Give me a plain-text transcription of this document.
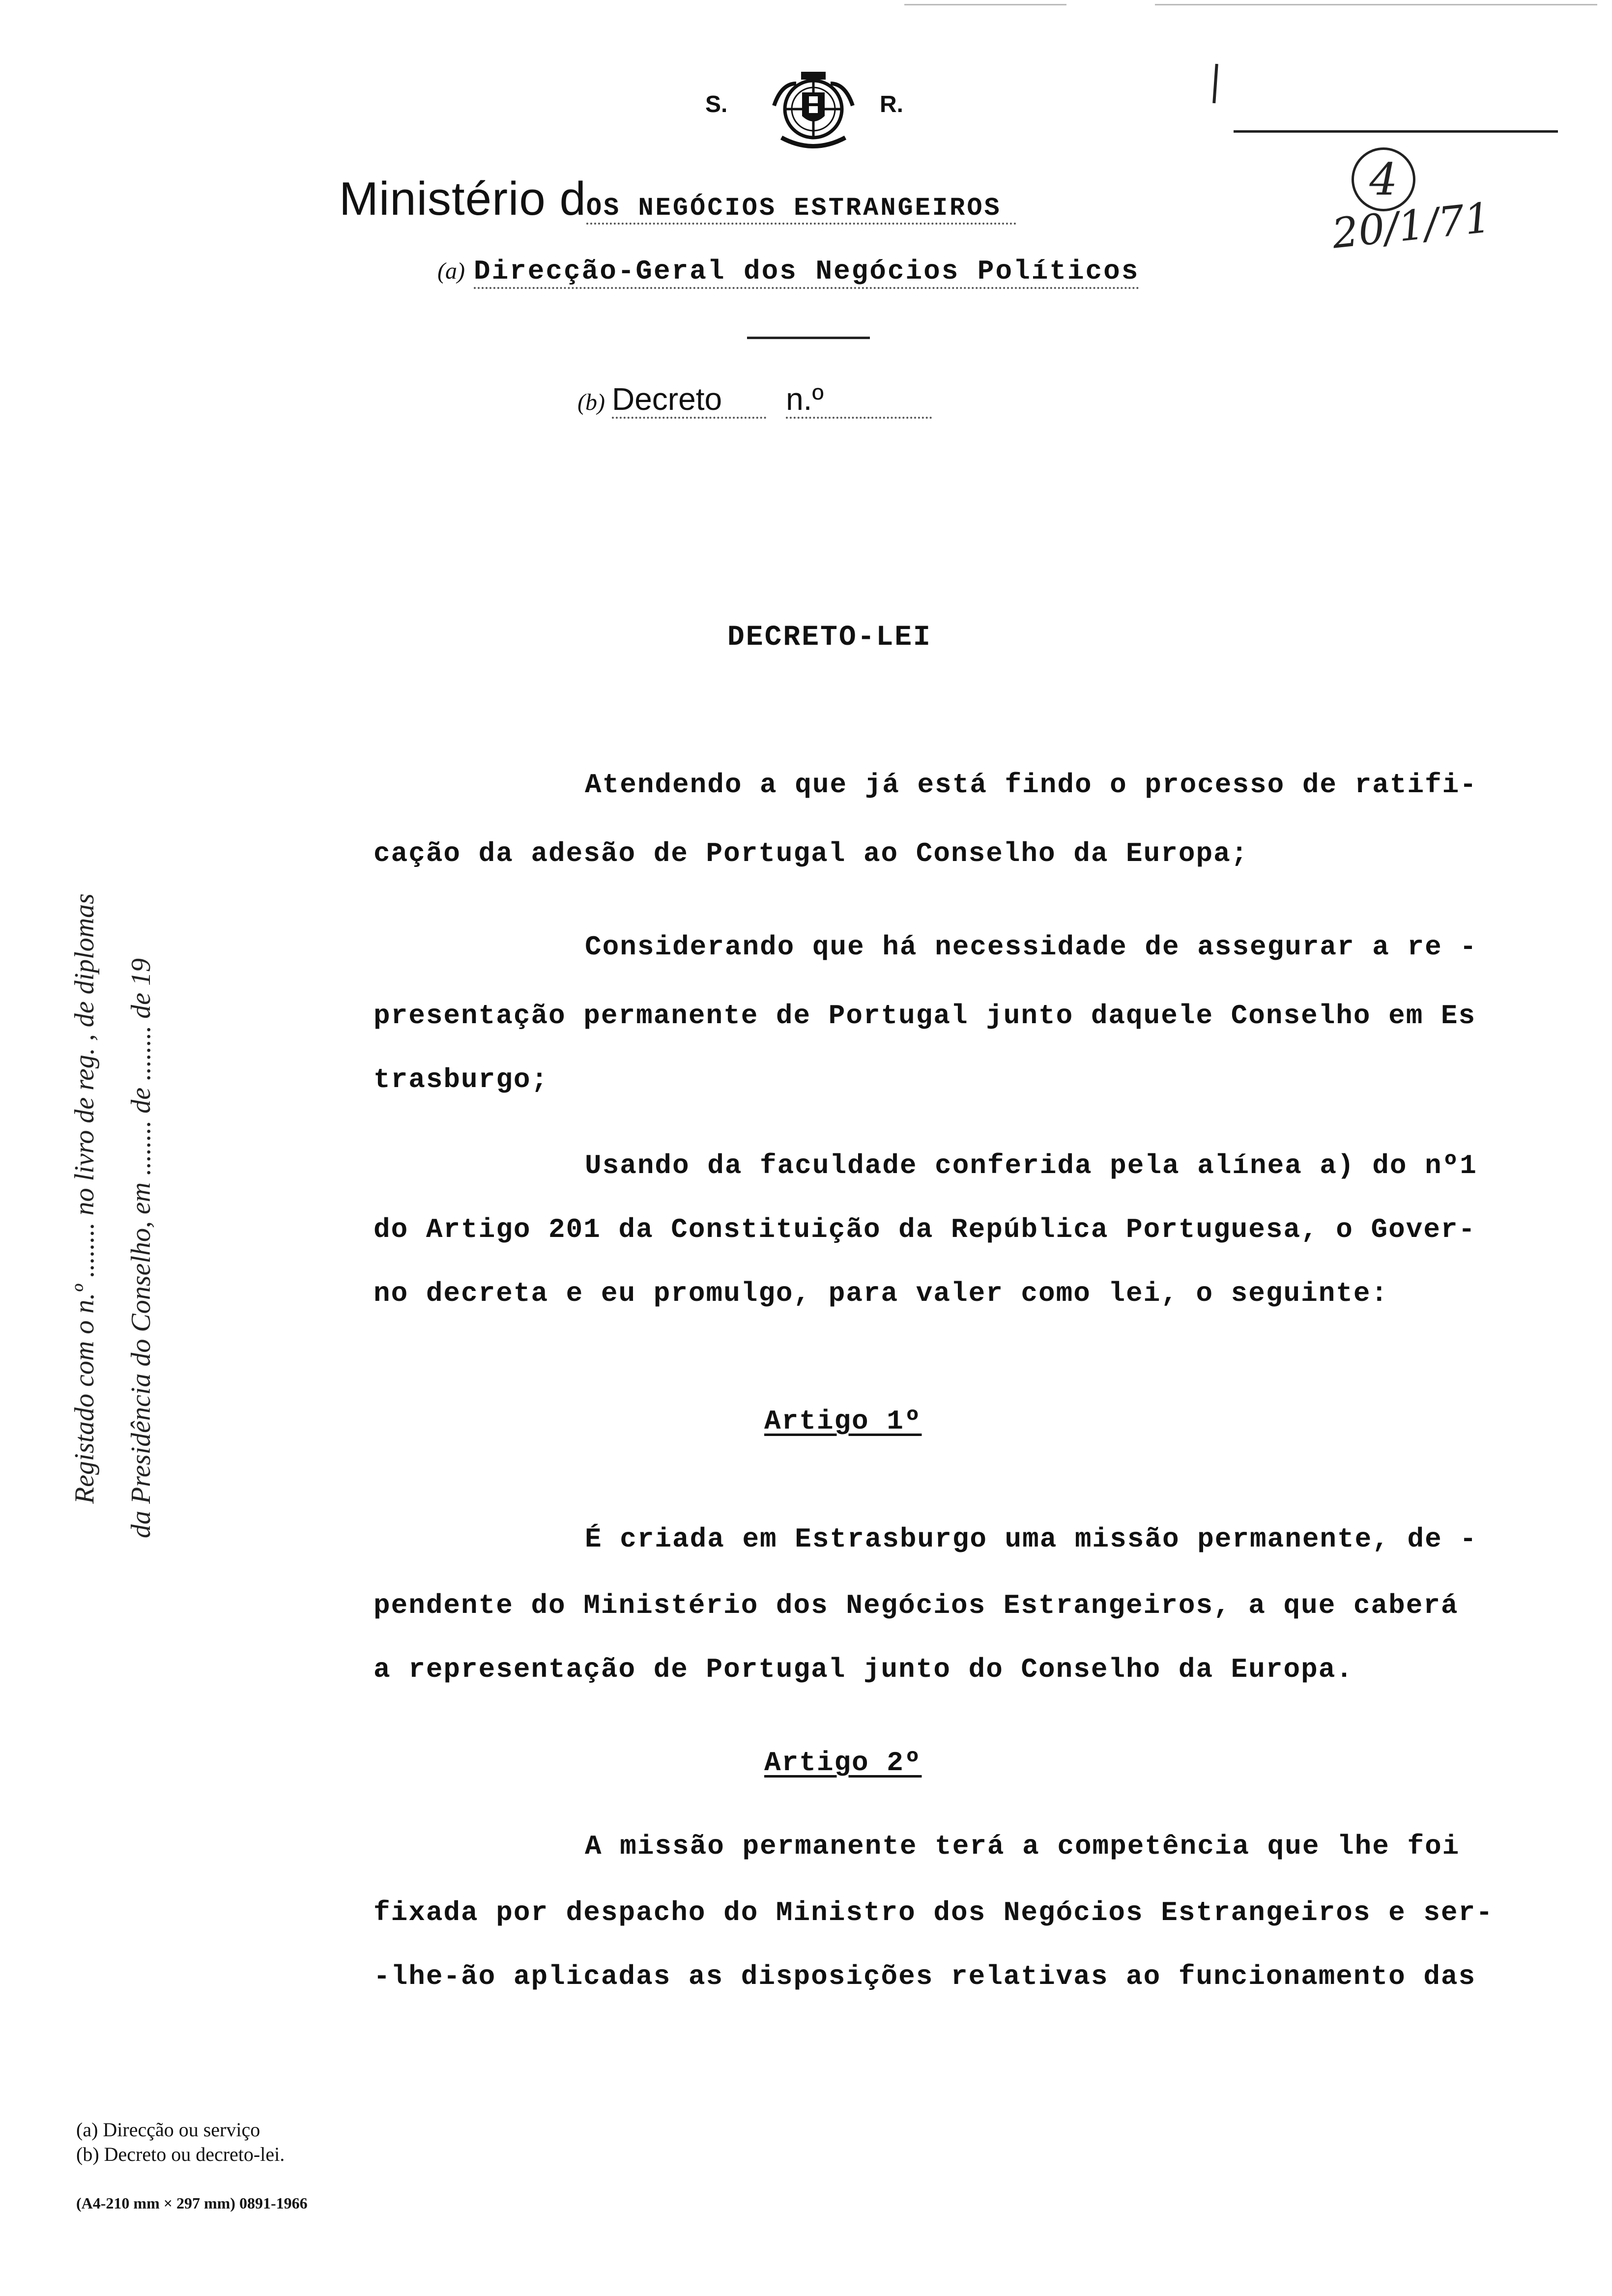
S.	R.
Ministério dOS NEGÓCIOS ESTRANGEIROS
(a) Direcção-Geral dos Negócios Políticos
(b) Decreto n.º
4
20/1/71
Registado com o n.º ........ no livro de reg. , de diplomas da Presidência do Conselho, em ........ de ........ de 19
DECRETO-LEI
Atendendo a que já está findo o processo de ratifi-
cação da adesão de Portugal ao Conselho da Europa;
Considerando que há necessidade de assegurar a re -
presentação permanente de Portugal junto daquele Conselho em Es
trasburgo;
Usando da faculdade conferida pela alínea a) do nº1
do Artigo 201 da Constituição da República Portuguesa, o Gover-
no decreta e eu promulgo, para valer como lei, o seguinte:
Artigo 1º
É criada em Estrasburgo uma missão permanente, de -
pendente do Ministério dos Negócios Estrangeiros, a que caberá
a representação de Portugal junto do Conselho da Europa.
Artigo 2º
A missão permanente terá a competência que lhe foi
fixada por despacho do Ministro dos Negócios Estrangeiros e ser-
-lhe-ão aplicadas as disposições relativas ao funcionamento das
(a) Direcção ou serviço
(b) Decreto ou decreto-lei.
(A4-210 mm × 297 mm) 0891-1966
